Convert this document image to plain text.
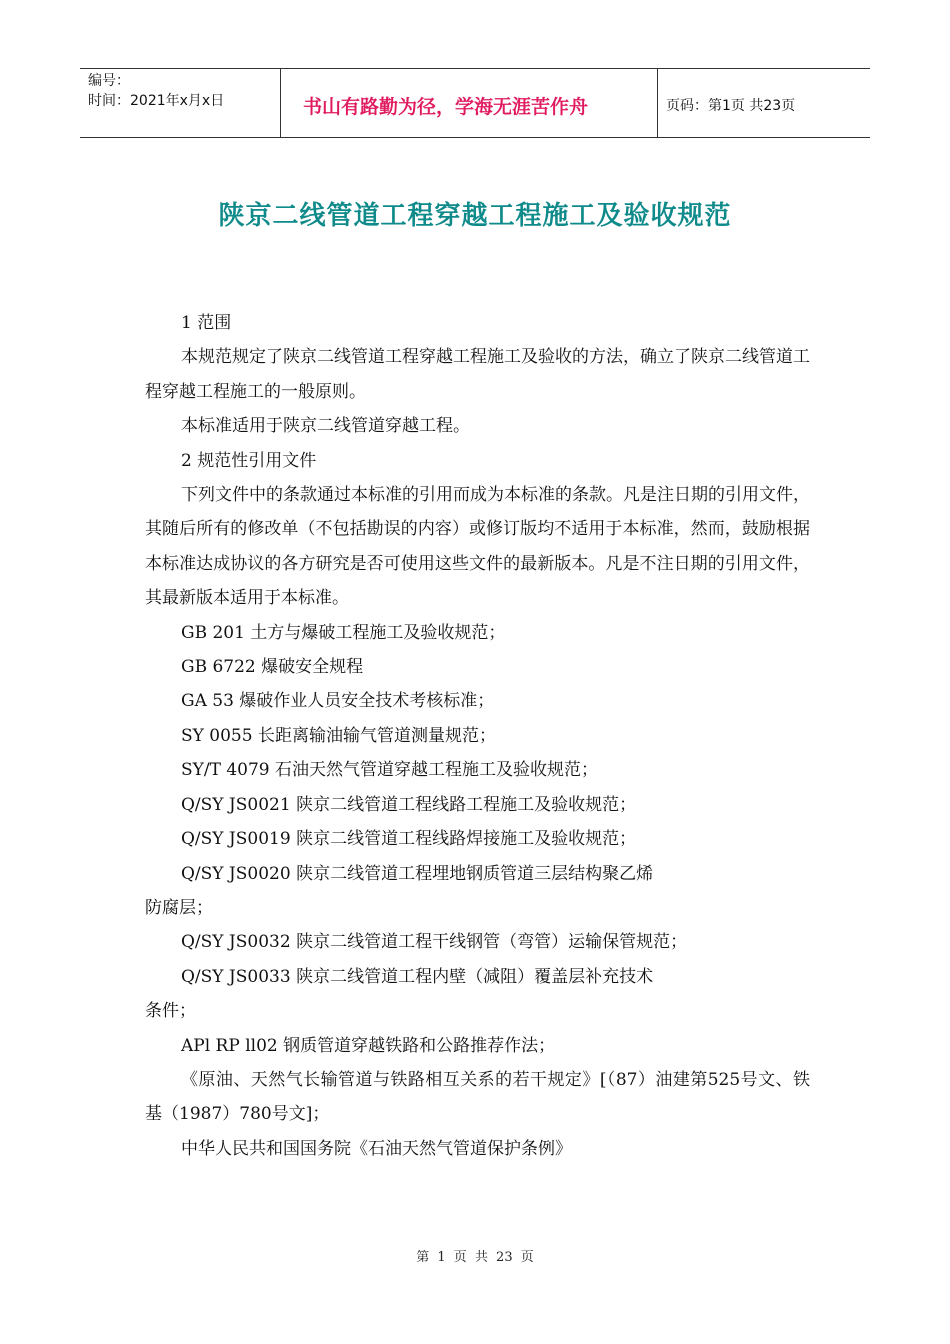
编号：
时间：2021年x月x日	书山有路勤为径，学海无涯苦作舟	页码：第1页 共23页
陕京二线管道工程穿越工程施工及验收规范

1 范围

本规范规定了陕京二线管道工程穿越工程施工及验收的方法，确立了陕京二线管道工程穿越工程施工的一般原则。

本标准适用于陕京二线管道穿越工程。

2 规范性引用文件

下列文件中的条款通过本标准的引用而成为本标准的条款。凡是注日期的引用文件，其随后所有的修改单（不包括勘误的内容）或修订版均不适用于本标准，然而，鼓励根据本标准达成协议的各方研究是否可使用这些文件的最新版本。凡是不注日期的引用文件，其最新版本适用于本标准。

GB 201 土方与爆破工程施工及验收规范；

GB 6722 爆破安全规程

GA 53 爆破作业人员安全技术考核标准；

SY 0055 长距离输油输气管道测量规范；

SY/T 4079 石油天然气管道穿越工程施工及验收规范；

Q/SY JS0021 陕京二线管道工程线路工程施工及验收规范；

Q/SY JS0019 陕京二线管道工程线路焊接施工及验收规范；

Q/SY JS0020 陕京二线管道工程埋地钢质管道三层结构聚乙烯

防腐层；

Q/SY JS0032 陕京二线管道工程干线钢管（弯管）运输保管规范；

Q/SY JS0033 陕京二线管道工程内壁（减阻）覆盖层补充技术

条件；

APl RP ll02 钢质管道穿越铁路和公路推荐作法；

《原油、天然气长输管道与铁路相互关系的若干规定》[（87）油建第525号文、铁基（1987）780号文]；

中华人民共和国国务院《石油天然气管道保护条例》

第 1 页 共 23 页
